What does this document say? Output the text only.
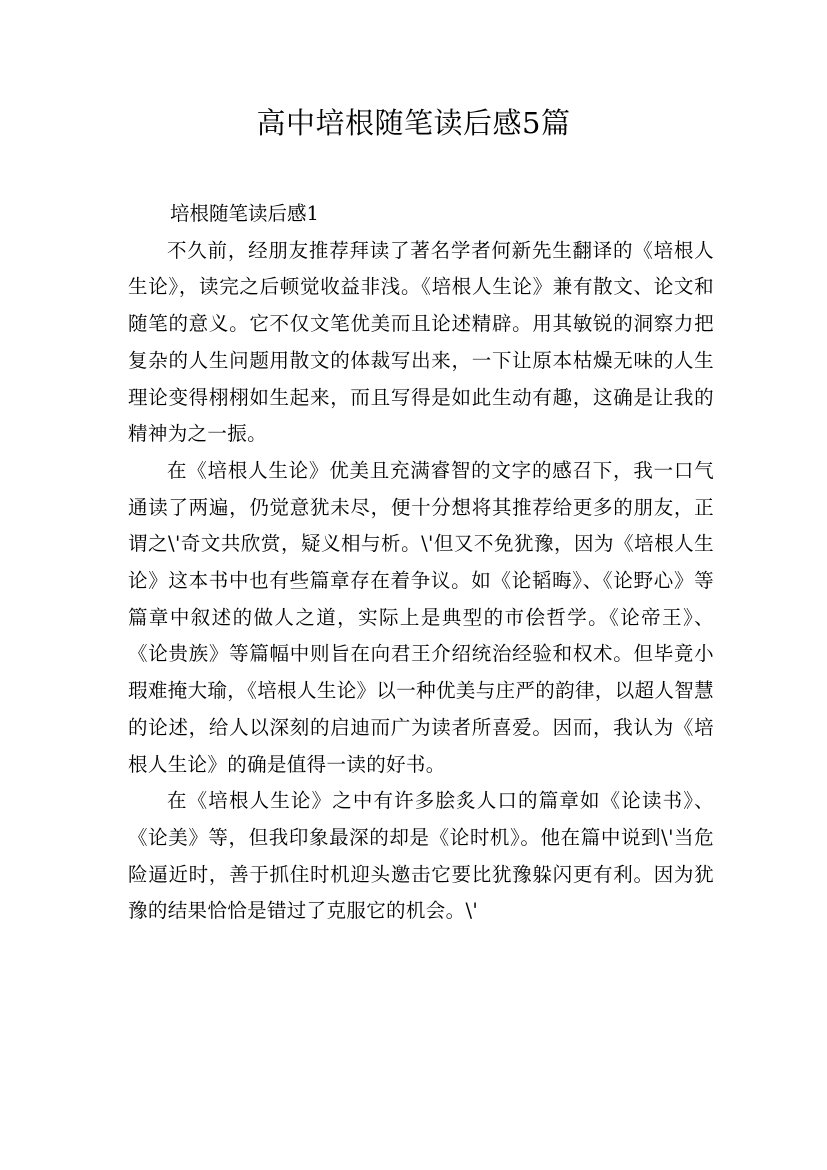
高中培根随笔读后感5篇
培根随笔读后感1

不久前，经朋友推荐拜读了著名学者何新先生翻译的《培根人生论》，读完之后顿觉收益非浅。《培根人生论》兼有散文、论文和随笔的意义。它不仅文笔优美而且论述精辟。用其敏锐的洞察力把复杂的人生问题用散文的体裁写出来，一下让原本枯燥无味的人生理论变得栩栩如生起来，而且写得是如此生动有趣，这确是让我的精神为之一振。

在《培根人生论》优美且充满睿智的文字的感召下，我一口气通读了两遍，仍觉意犹未尽，便十分想将其推荐给更多的朋友，正谓之\'奇文共欣赏，疑义相与析。\'但又不免犹豫，因为《培根人生论》这本书中也有些篇章存在着争议。如《论韬晦》、《论野心》等篇章中叙述的做人之道，实际上是典型的市侩哲学。《论帝王》、《论贵族》等篇幅中则旨在向君王介绍统治经验和权术。但毕竟小瑕难掩大瑜，《培根人生论》以一种优美与庄严的韵律，以超人智慧的论述，给人以深刻的启迪而广为读者所喜爱。因而，我认为《培根人生论》的确是值得一读的好书。

在《培根人生论》之中有许多脍炙人口的篇章如《论读书》、《论美》等，但我印象最深的却是《论时机》。他在篇中说到\'当危险逼近时，善于抓住时机迎头邀击它要比犹豫躲闪更有利。因为犹豫的结果恰恰是错过了克服它的机会。\'
